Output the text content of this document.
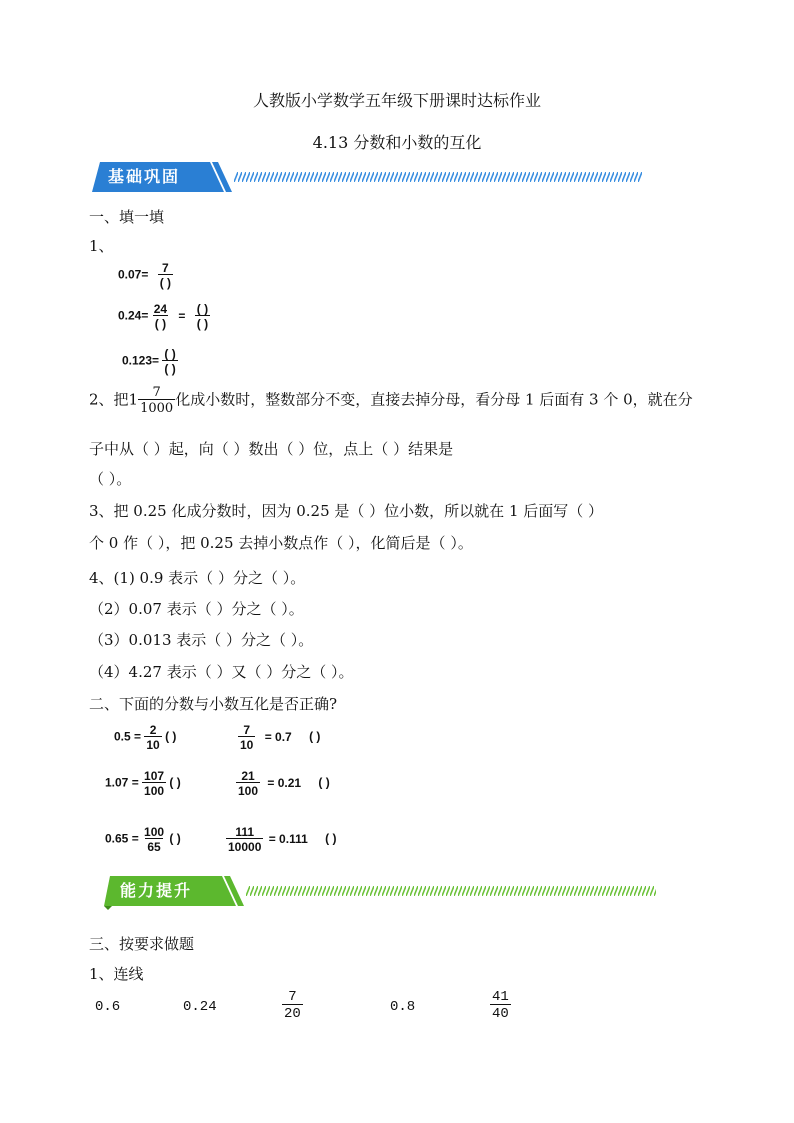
人教版小学数学五年级下册课时达标作业
4.13 分数和小数的互化
基础巩固
一、填一填
1、
$0.07= \frac{7}{( )}$
$0.24= \frac{24}{( )} = \frac{( )}{( )}$
$0.123= \frac{( )}{( )}$
2、把$1 \frac{7}{1000}$ 化成小数时，整数部分不变，直接去掉分母，看分母 1 后面有 3 个 0，就在分
子中从（ ）起，向（ ）数出（ ）位，点上（ ）结果是
（ ）。
3、把 0.25 化成分数时，因为 0.25 是（ ）位小数，所以就在 1 后面写（ ）
个 0 作（ ），把 0.25 去掉小数点作（ ），化简后是（ ）。
4、(1) 0.9 表示（ ）分之（ ）。
（2）0.07 表示（ ）分之（ ）。
（3）0.013 表示（ ）分之（ ）。
（4）4.27 表示（ ）又（ ）分之（ ）。
二、下面的分数与小数互化是否正确?
$0.5 = \frac{2}{10}$ ( )	$\frac{7}{10} = 0.7$ ( )
$1.07 = \frac{107}{100}$ ( )	$\frac{21}{100} = 0.21$ ( )
$0.65 = \frac{100}{65}$ ( )	$\frac{111}{10000} = 0.111$ ( )
能力提升
三、按要求做题
1、连线
0.6	0.24	$\frac{7}{20}$	0.8	$\frac{41}{40}$
